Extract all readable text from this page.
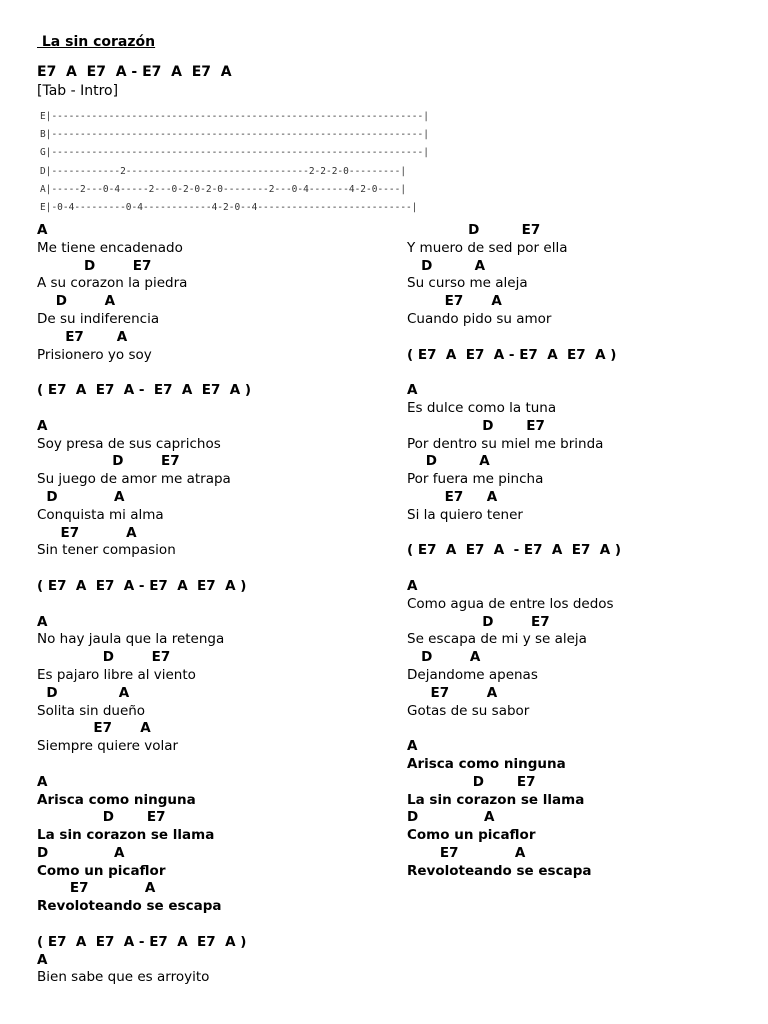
La sin corazón
E7  A  E7  A - E7  A  E7  A
[Tab - Intro]
E|-----------------------------------------------------------------|
B|-----------------------------------------------------------------|
G|-----------------------------------------------------------------|
D|------------2--------------------------------2-2-2-0---------|
A|-----2---0-4-----2---0-2-0-2-0--------2---0-4-------4-2-0----|
E|-0-4---------0-4------------4-2-0--4---------------------------|
A
Me tiene encadenado
D        E7
A su corazon la piedra
D        A
De su indiferencia
E7       A
Prisionero yo soy
( E7  A  E7  A -  E7  A  E7  A )
A
Soy presa de sus caprichos
D        E7
Su juego de amor me atrapa
D            A
Conquista mi alma
E7          A
Sin tener compasion
( E7  A  E7  A - E7  A  E7  A )
A
No hay jaula que la retenga
D        E7
Es pajaro libre al viento
D             A
Solita sin dueño
E7      A
Siempre quiere volar
A
Arisca como ninguna
D       E7
La sin corazon se llama
D              A
Como un picaflor
E7            A
Revoloteando se escapa
( E7  A  E7  A - E7  A  E7  A )
A
Bien sabe que es arroyito
D         E7
Y muero de sed por ella
D         A
Su curso me aleja
E7      A
Cuando pido su amor
( E7  A  E7  A - E7  A  E7  A )
A
Es dulce como la tuna
D       E7
Por dentro su miel me brinda
D         A
Por fuera me pincha
E7     A
Si la quiero tener
( E7  A  E7  A  - E7  A  E7  A )
A
Como agua de entre los dedos
D        E7
Se escapa de mi y se aleja
D        A
Dejandome apenas
E7        A
Gotas de su sabor
A
Arisca como ninguna
D       E7
La sin corazon se llama
D              A
Como un picaflor
E7            A
Revoloteando se escapa
